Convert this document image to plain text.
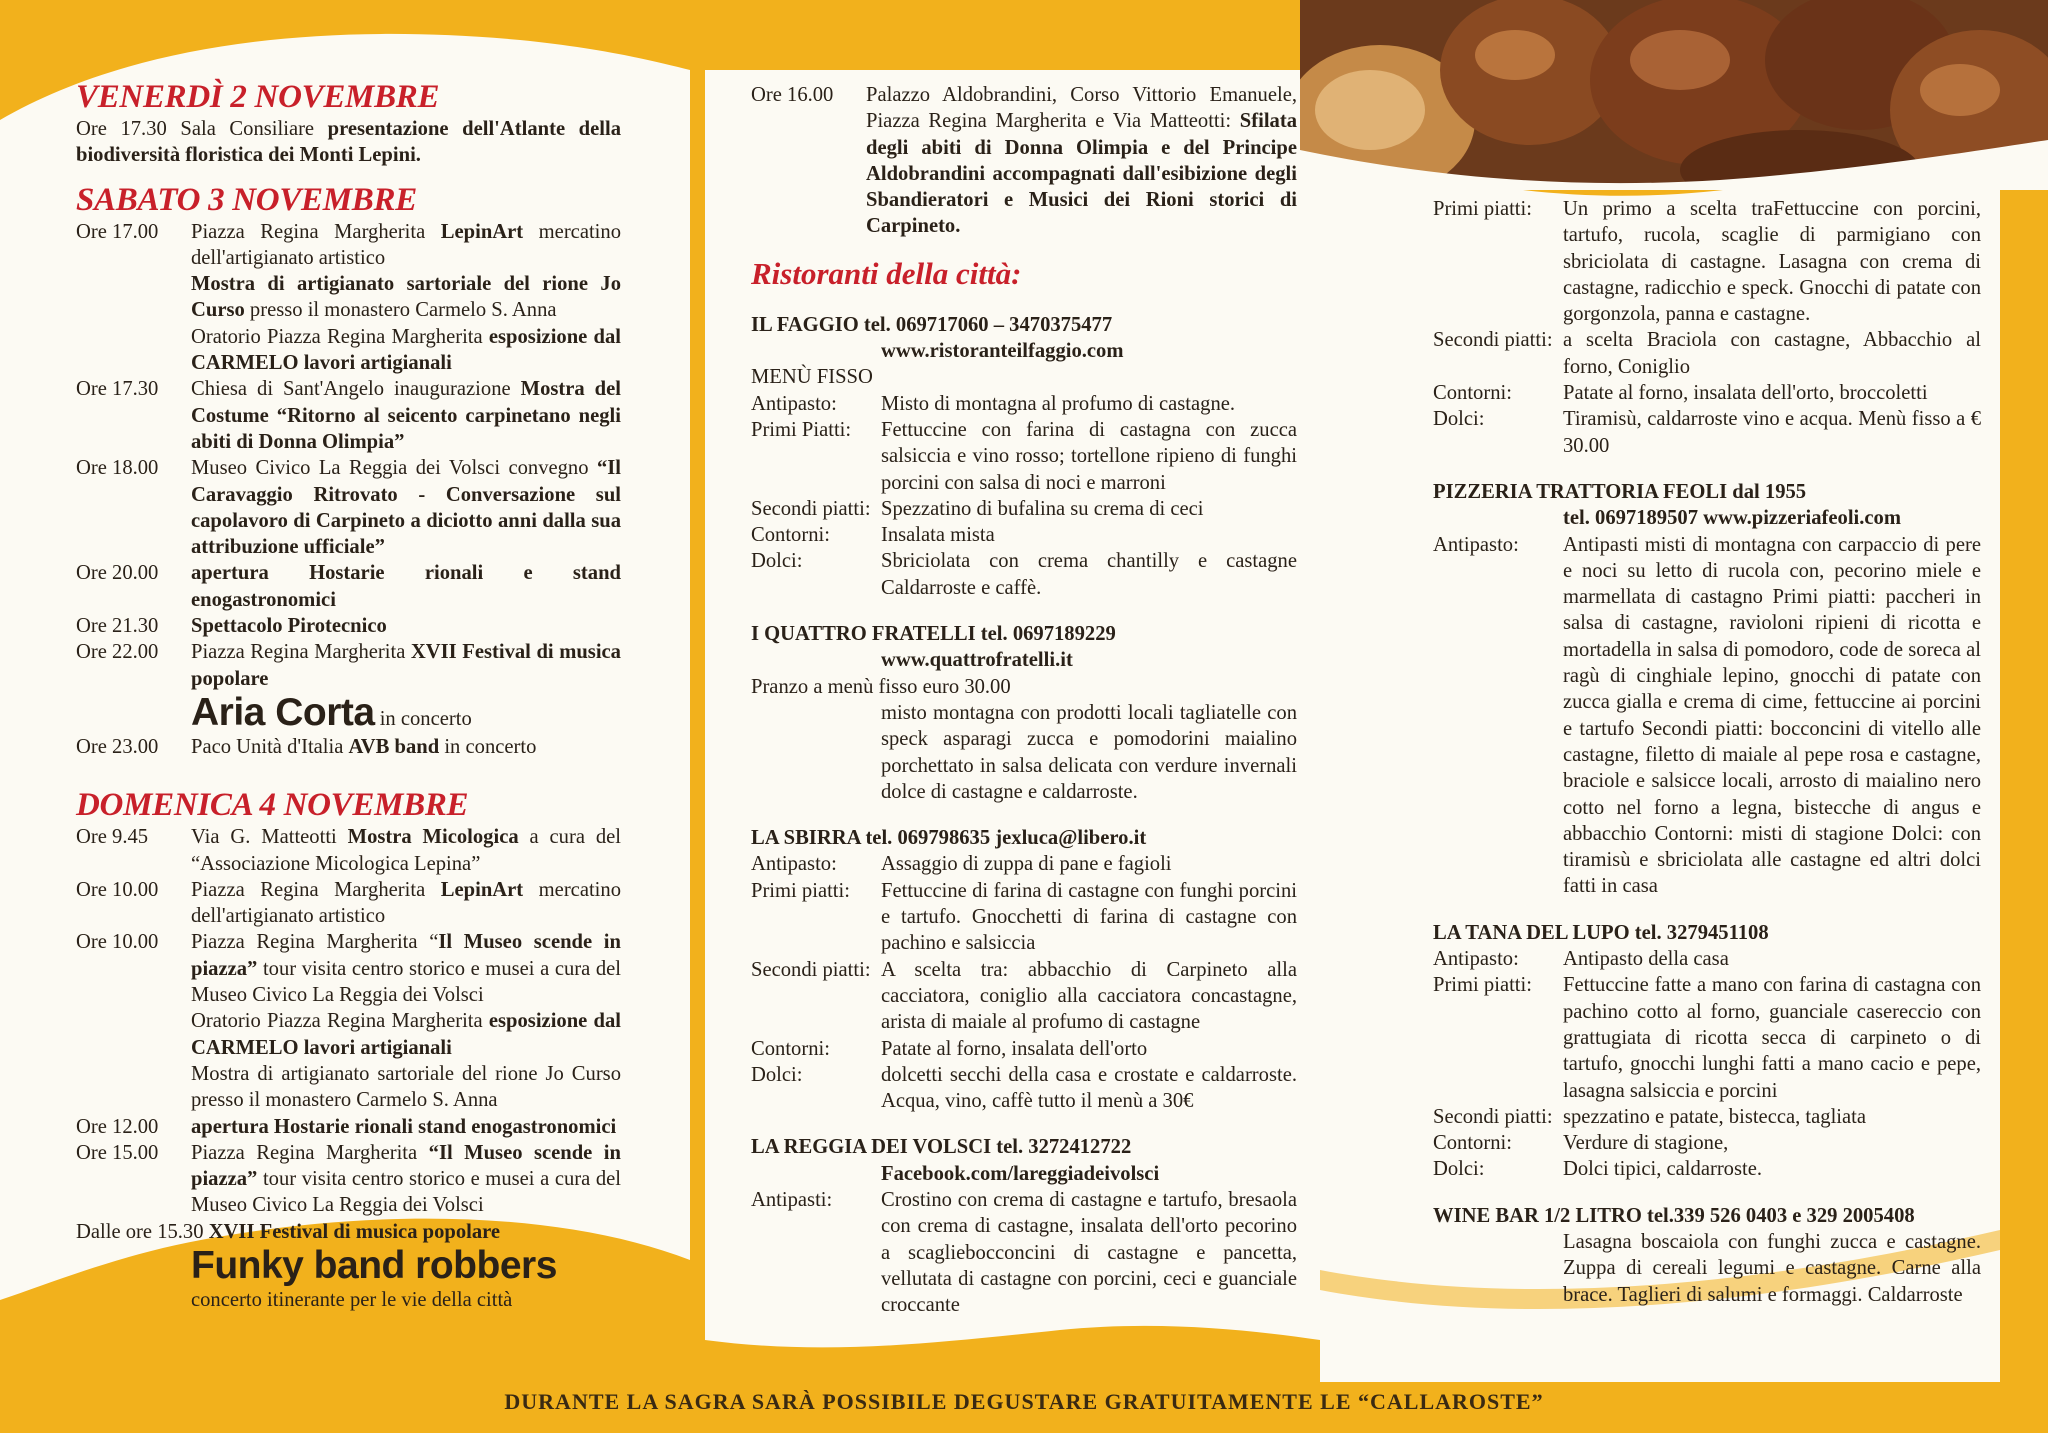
VENERDÌ 2 NOVEMBRE
Ore 17.30 Sala Consiliare presentazione dell'Atlante della biodiversità floristica dei Monti Lepini.
SABATO 3 NOVEMBRE
Ore 17.00	Piazza Regina Margherita LepinArt mercatino dell'artigianato artistico
Mostra di artigianato sartoriale del rione Jo Curso presso il monastero Carmelo S. Anna
Oratorio Piazza Regina Margherita esposizione dal CARMELO lavori artigianali
Ore 17.30	Chiesa di Sant'Angelo inaugurazione Mostra del Costume “Ritorno al seicento carpinetano negli abiti di Donna Olimpia”
Ore 18.00	Museo Civico La Reggia dei Volsci convegno “Il Caravaggio Ritrovato - Conversazione sul capolavoro di Carpineto a diciotto anni dalla sua attribuzione ufficiale”
Ore 20.00	apertura Hostarie rionali e stand enogastronomici
Ore 21.30	Spettacolo Pirotecnico
Ore 22.00	Piazza Regina Margherita XVII Festival di musica popolare
Aria Corta in concerto
Ore 23.00	Paco Unità d'Italia AVB band in concerto
DOMENICA 4 NOVEMBRE
Ore 9.45	Via G. Matteotti Mostra Micologica a cura del “Associazione Micologica Lepina”
Ore 10.00	Piazza Regina Margherita LepinArt mercatino dell'artigianato artistico
Ore 10.00	Piazza Regina Margherita “Il Museo scende in piazza” tour visita centro storico e musei a cura del Museo Civico La Reggia dei Volsci
Oratorio Piazza Regina Margherita esposizione dal CARMELO lavori artigianali
Mostra di artigianato sartoriale del rione Jo Curso presso il monastero Carmelo S. Anna
Ore 12.00	apertura Hostarie rionali stand enogastronomici
Ore 15.00	Piazza Regina Margherita “Il Museo scende in piazza” tour visita centro storico e musei a cura del Museo Civico La Reggia dei Volsci
Dalle ore 15.30 XVII Festival di musica popolare
Funky band robbers
concerto itinerante per le vie della città
Ore 16.00	Palazzo Aldobrandini, Corso Vittorio Emanuele, Piazza Regina Margherita e Via Matteotti: Sfilata degli abiti di Donna Olimpia e del Principe Aldobrandini accompagnati dall'esibizione degli Sbandieratori e Musici dei Rioni storici di Carpineto.
Ristoranti della città:
IL FAGGIO tel. 069717060 – 3470375477
www.ristoranteilfaggio.com
MENÙ FISSO
Antipasto:	Misto di montagna al profumo di castagne.
Primi Piatti:	Fettuccine con farina di castagna con zucca salsiccia e vino rosso; tortellone ripieno di funghi porcini con salsa di noci e marroni
Secondi piatti: Spezzatino di bufalina su crema di ceci
Contorni:	Insalata mista
Dolci:	Sbriciolata con crema chantilly e castagne Caldarroste e caffè.
I QUATTRO FRATELLI tel. 0697189229
www.quattrofratelli.it
Pranzo a menù fisso euro 30.00
misto montagna con prodotti locali tagliatelle con speck asparagi zucca e pomodorini maialino porchettato in salsa delicata con verdure invernali dolce di castagne e caldarroste.
LA SBIRRA tel. 069798635 jexluca@libero.it
Antipasto:	Assaggio di zuppa di pane e fagioli
Primi piatti:	Fettuccine di farina di castagne con funghi porcini e tartufo. Gnocchetti di farina di castagne con pachino e salsiccia
Secondi piatti: A scelta tra: abbacchio di Carpineto alla cacciatora, coniglio alla cacciatora concastagne, arista di maiale al profumo di castagne
Contorni:	Patate al forno, insalata dell'orto
Dolci:	dolcetti secchi della casa e crostate e caldarroste. Acqua, vino, caffè tutto il menù a 30€
LA REGGIA DEI VOLSCI tel. 3272412722
Facebook.com/lareggiadeivolsci
Antipasti:	Crostino con crema di castagne e tartufo, bresaola con crema di castagne, insalata dell'orto pecorino a scagliebocconcini di castagne e pancetta, vellutata di castagne con porcini, ceci e guanciale croccante
Primi piatti:	Un primo a scelta traFettuccine con porcini, tartufo, rucola, scaglie di parmigiano con sbriciolata di castagne. Lasagna con crema di castagne, radicchio e speck. Gnocchi di patate con gorgonzola, panna e castagne.
Secondi piatti: a scelta Braciola con castagne, Abbacchio al forno, Coniglio
Contorni:	Patate al forno, insalata dell'orto, broccoletti
Dolci:	Tiramisù, caldarroste vino e acqua. Menù fisso a € 30.00
PIZZERIA TRATTORIA FEOLI dal 1955
tel. 0697189507 www.pizzeriafeoli.com
Antipasto:	Antipasti misti di montagna con carpaccio di pere e noci su letto di rucola con, pecorino miele e marmellata di castagno Primi piatti: paccheri in salsa di castagne, ravioloni ripieni di ricotta e mortadella in salsa di pomodoro, code de soreca al ragù di cinghiale lepino, gnocchi di patate con zucca gialla e crema di cime, fettuccine ai porcini e tartufo Secondi piatti: bocconcini di vitello alle castagne, filetto di maiale al pepe rosa e castagne, braciole e salsicce locali, arrosto di maialino nero cotto nel forno a legna, bistecche di angus e abbacchio Contorni: misti di stagione Dolci: con tiramisù e sbriciolata alle castagne ed altri dolci fatti in casa
LA TANA DEL LUPO tel. 3279451108
Antipasto:	Antipasto della casa
Primi piatti:	Fettuccine fatte a mano con farina di castagna con pachino cotto al forno, guanciale casereccio con grattugiata di ricotta secca di carpineto o di tartufo, gnocchi lunghi fatti a mano cacio e pepe, lasagna salsiccia e porcini
Secondi piatti: spezzatino e patate, bistecca, tagliata
Contorni:	Verdure di stagione,
Dolci:	Dolci tipici, caldarroste.
WINE BAR 1/2 LITRO tel.339 526 0403 e 329 2005408
Lasagna boscaiola con funghi zucca e castagne. Zuppa di cereali legumi e castagne. Carne alla brace. Taglieri di salumi e formaggi. Caldarroste
DURANTE LA SAGRA SARÀ POSSIBILE DEGUSTARE GRATUITAMENTE LE “CALLAROSTE”
